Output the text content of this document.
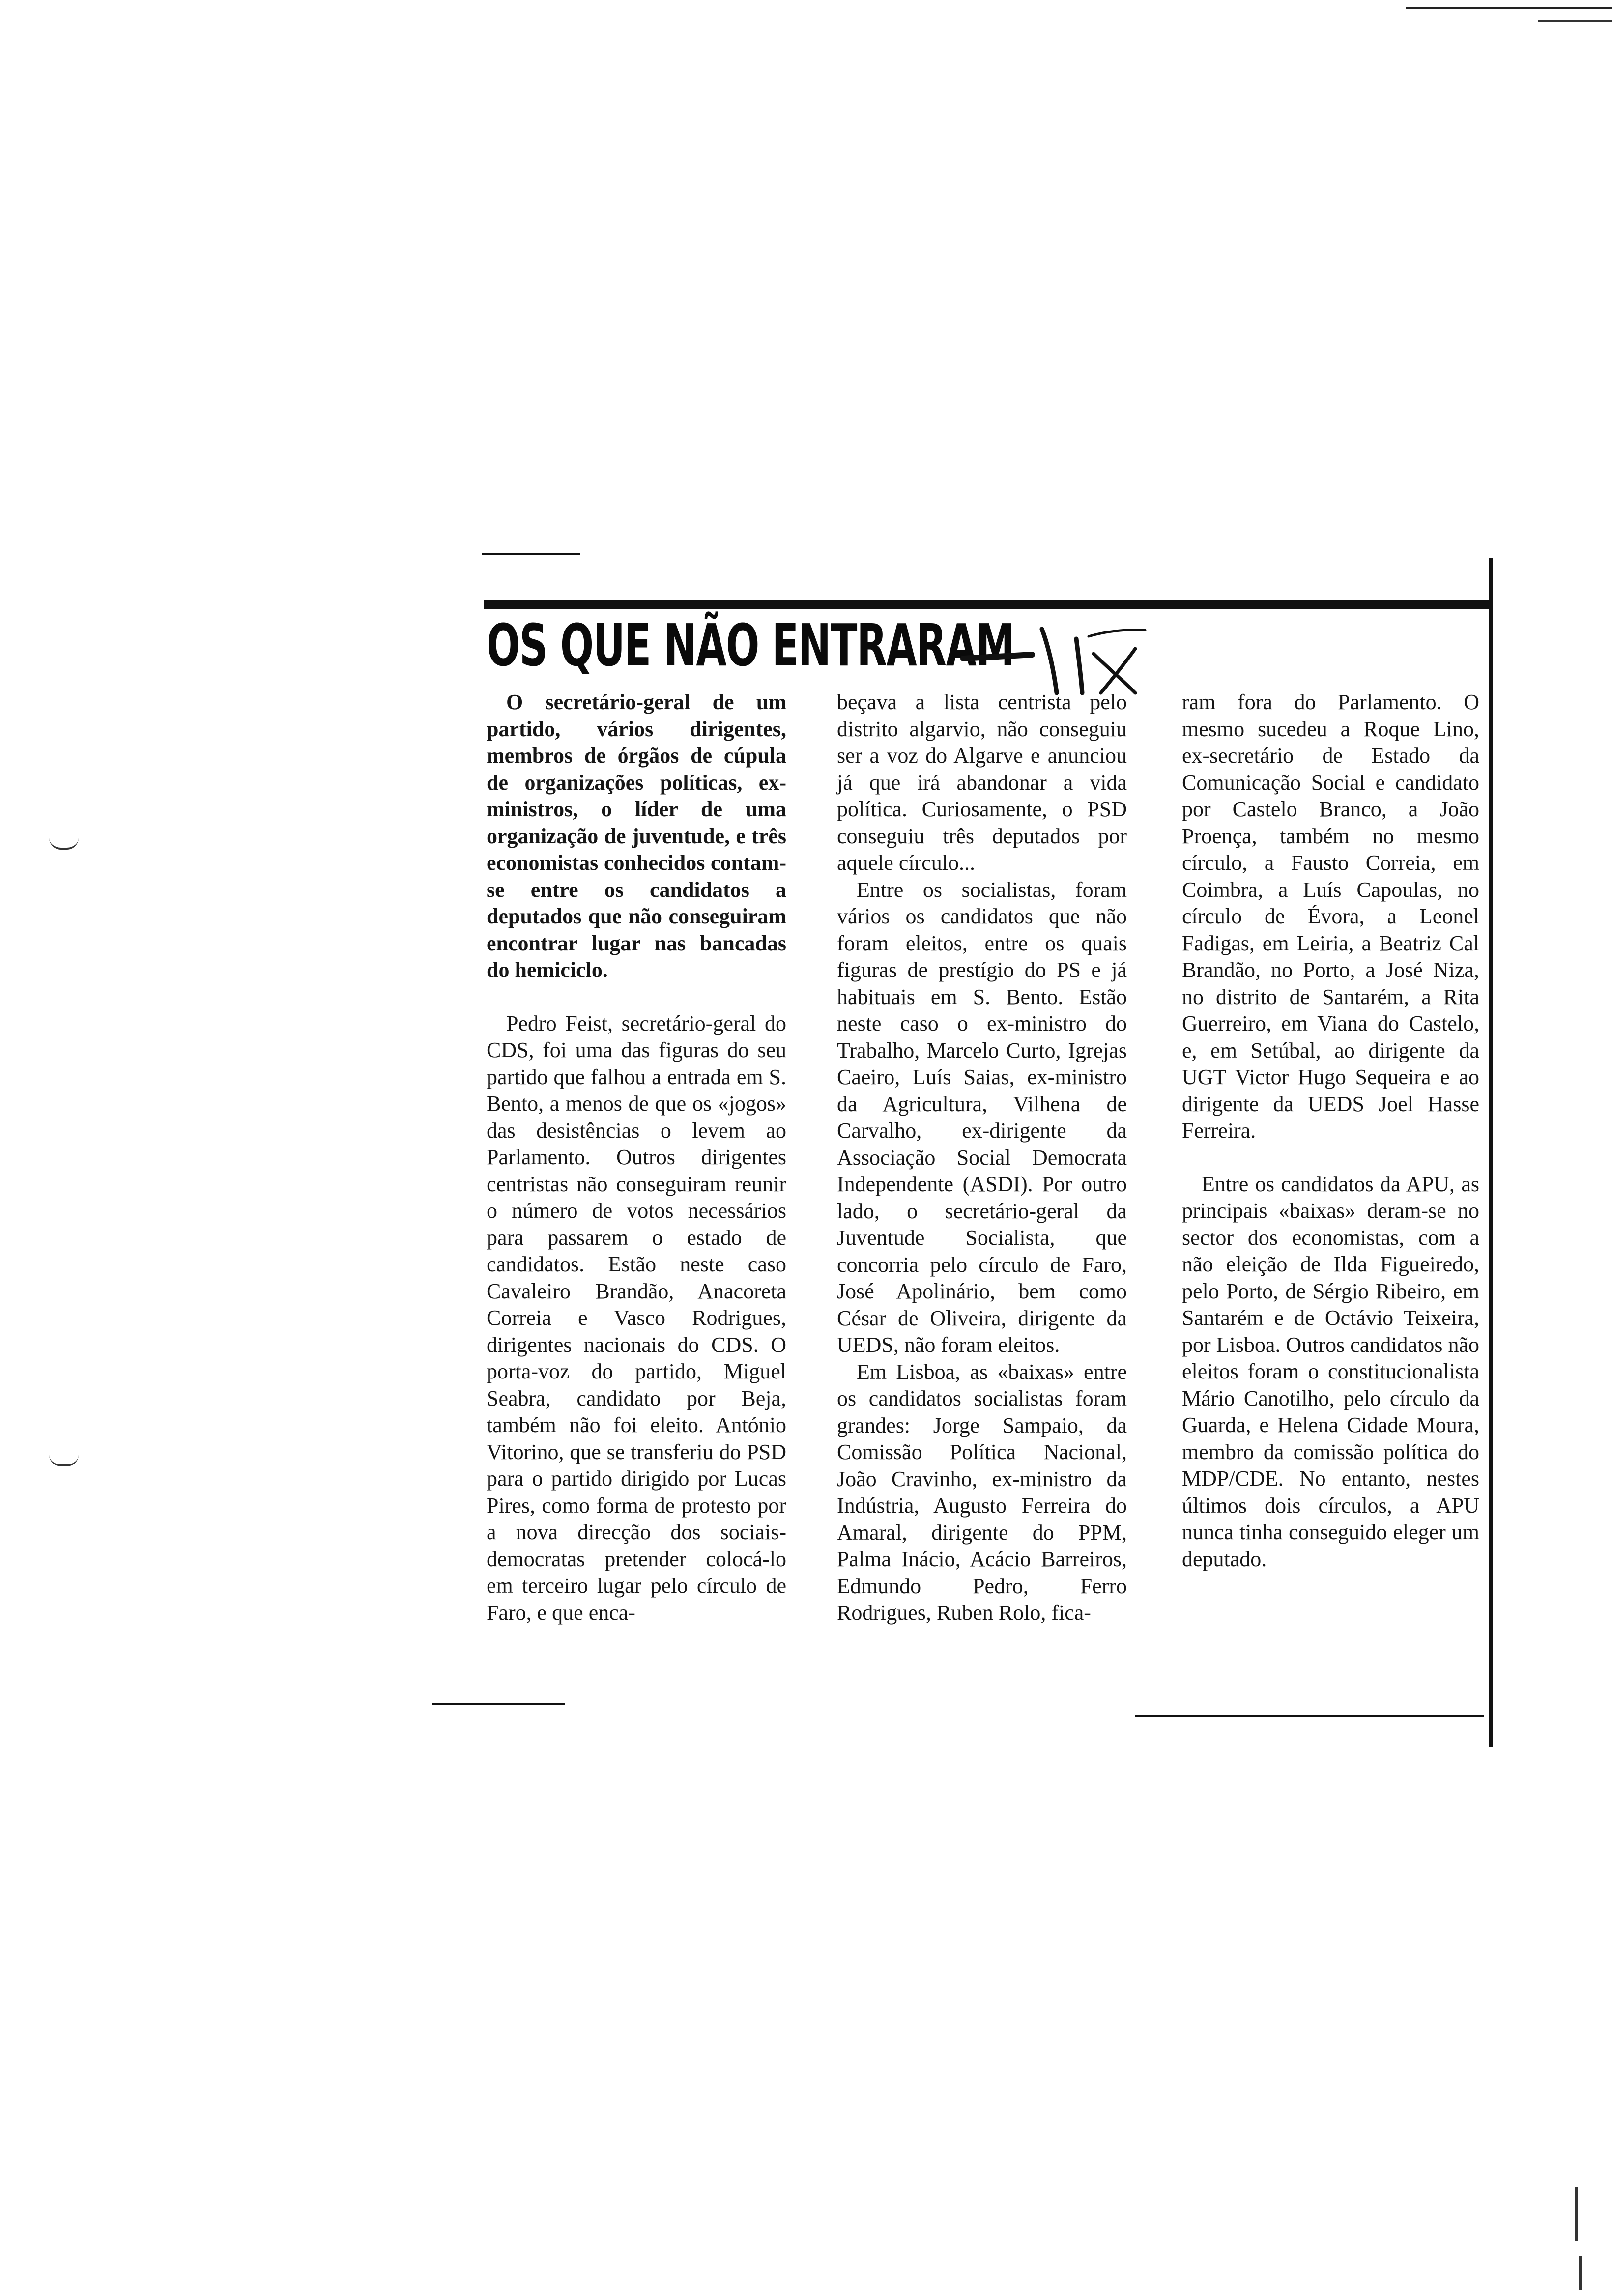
OS QUE NÃO ENTRARAM

O secretário-geral de um partido, vários dirigentes, membros de órgãos de cúpula de organizações políticas, ex-ministros, o líder de uma organização de juventude, e três economistas conhecidos contam-se entre os candidatos a deputados que não conseguiram encontrar lugar nas bancadas do hemiciclo.

Pedro Feist, secretário-geral do CDS, foi uma das figuras do seu partido que falhou a entrada em S. Bento, a menos de que os «jogos» das desistências o levem ao Parlamento. Outros dirigentes centristas não conseguiram reunir o número de votos necessários para passarem o estado de candidatos. Estão neste caso Cavaleiro Brandão, Anacoreta Correia e Vasco Rodrigues, dirigentes nacionais do CDS. O porta-voz do partido, Miguel Seabra, candidato por Beja, também não foi eleito. António Vitorino, que se transferiu do PSD para o partido dirigido por Lucas Pires, como forma de protesto por a nova direcção dos sociais-democratas pretender colocá-lo em terceiro lugar pelo círculo de Faro, e que enca-

beçava a lista centrista pelo distrito algarvio, não conseguiu ser a voz do Algarve e anunciou já que irá abandonar a vida política. Curiosamente, o PSD conseguiu três deputados por aquele círculo...

Entre os socialistas, foram vários os candidatos que não foram eleitos, entre os quais figuras de prestígio do PS e já habituais em S. Bento. Estão neste caso o ex-ministro do Trabalho, Marcelo Curto, Igrejas Caeiro, Luís Saias, ex-ministro da Agricultura, Vilhena de Carvalho, ex-dirigente da Associação Social Democrata Independente (ASDI). Por outro lado, o secretário-geral da Juventude Socialista, que concorria pelo círculo de Faro, José Apolinário, bem como César de Oliveira, dirigente da UEDS, não foram eleitos.

Em Lisboa, as «baixas» entre os candidatos socialistas foram grandes: Jorge Sampaio, da Comissão Política Nacional, João Cravinho, ex-ministro da Indústria, Augusto Ferreira do Amaral, dirigente do PPM, Palma Inácio, Acácio Barreiros, Edmundo Pedro, Ferro Rodrigues, Ruben Rolo, fica-

ram fora do Parlamento. O mesmo sucedeu a Roque Lino, ex-secretário de Estado da Comunicação Social e candidato por Castelo Branco, a João Proença, também no mesmo círculo, a Fausto Correia, em Coimbra, a Luís Capoulas, no círculo de Évora, a Leonel Fadigas, em Leiria, a Beatriz Cal Brandão, no Porto, a José Niza, no distrito de Santarém, a Rita Guerreiro, em Viana do Castelo, e, em Setúbal, ao dirigente da UGT Victor Hugo Sequeira e ao dirigente da UEDS Joel Hasse Ferreira.

Entre os candidatos da APU, as principais «baixas» deram-se no sector dos economistas, com a não eleição de Ilda Figueiredo, pelo Porto, de Sérgio Ribeiro, em Santarém e de Octávio Teixeira, por Lisboa. Outros candidatos não eleitos foram o constitucionalista Mário Canotilho, pelo círculo da Guarda, e Helena Cidade Moura, membro da comissão política do MDP/CDE. No entanto, nestes últimos dois círculos, a APU nunca tinha conseguido eleger um deputado.
